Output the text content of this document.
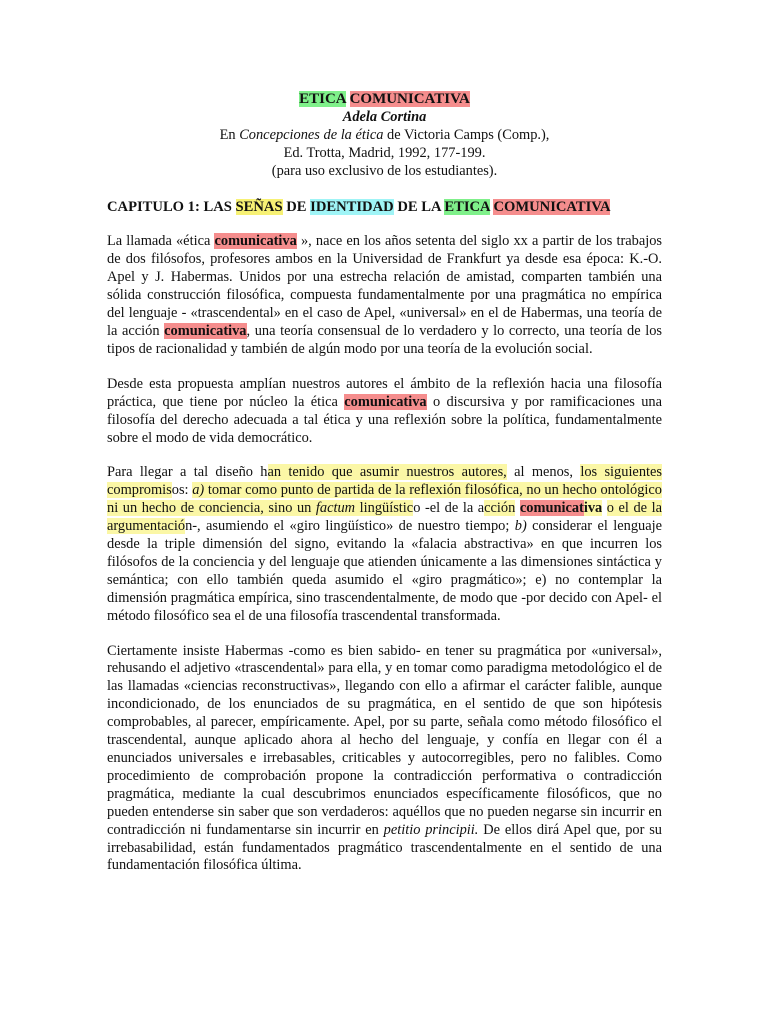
ETICA COMUNICATIVA
Adela Cortina
En Concepciones de la ética de Victoria Camps (Comp.),
Ed. Trotta, Madrid, 1992, 177-199.
(para uso exclusivo de los estudiantes).
CAPITULO 1: LAS SEÑAS DE IDENTIDAD DE LA ETICA COMUNICATIVA

La llamada «ética comunicativa », nace en los años setenta del siglo xx a partir de los trabajos de dos filósofos, profesores ambos en la Universidad de Frankfurt ya desde esa época: K.-O. Apel y J. Habermas. Unidos por una estrecha relación de amistad, comparten también una sólida construcción filosófica, compuesta fundamentalmente por una pragmática no empírica del lenguaje - «trascendental» en el caso de Apel, «universal» en el de Habermas, una teoría de la acción comunicativa, una teoría consensual de lo verdadero y lo correcto, una teoría de los tipos de racionalidad y también de algún modo por una teoría de la evolución social.

Desde esta propuesta amplían nuestros autores el ámbito de la reflexión hacia una filosofía práctica, que tiene por núcleo la ética comunicativa o discursiva y por ramificaciones una filosofía del derecho adecuada a tal ética y una reflexión sobre la política, fundamentalmente sobre el modo de vida democrático.

Para llegar a tal diseño han tenido que asumir nuestros autores, al menos, los siguientes compromisos: a) tomar como punto de partida de la reflexión filosófica, no un hecho ontológico ni un hecho de conciencia, sino un factum lingüístico -el de la acción comunicativa o el de la argumentación-, asumiendo el «giro lingüístico» de nuestro tiempo; b) considerar el lenguaje desde la triple dimensión del signo, evitando la «falacia abstractiva» en que incurren los filósofos de la conciencia y del lenguaje que atienden únicamente a las dimensiones sintáctica y semántica; con ello también queda asumido el «giro pragmático»; e) no contemplar la dimensión pragmática empírica, sino trascendentalmente, de modo que -por decido con Apel- el método filosófico sea el de una filosofía trascendental transformada.

Ciertamente insiste Habermas -como es bien sabido- en tener su pragmática por «universal», rehusando el adjetivo «trascendental» para ella, y en tomar como paradigma metodológico el de las llamadas «ciencias reconstructivas», llegando con ello a afirmar el carácter falible, aunque incondicionado, de los enunciados de su pragmática, en el sentido de que son hipótesis comprobables, al parecer, empíricamente. Apel, por su parte, señala como método filosófico el trascendental, aunque aplicado ahora al hecho del lenguaje, y confía en llegar con él a enunciados universales e irrebasables, criticables y autocorregibles, pero no falibles. Como procedimiento de comprobación propone la contradicción performativa o contradicción pragmática, mediante la cual descubrimos enunciados específicamente filosóficos, que no pueden entenderse sin saber que son verdaderos: aquéllos que no pueden negarse sin incurrir en contradicción ni fundamentarse sin incurrir en petitio principii. De ellos dirá Apel que, por su irrebasabilidad, están fundamentados pragmático trascendentalmente en el sentido de una fundamentación filosófica última.
